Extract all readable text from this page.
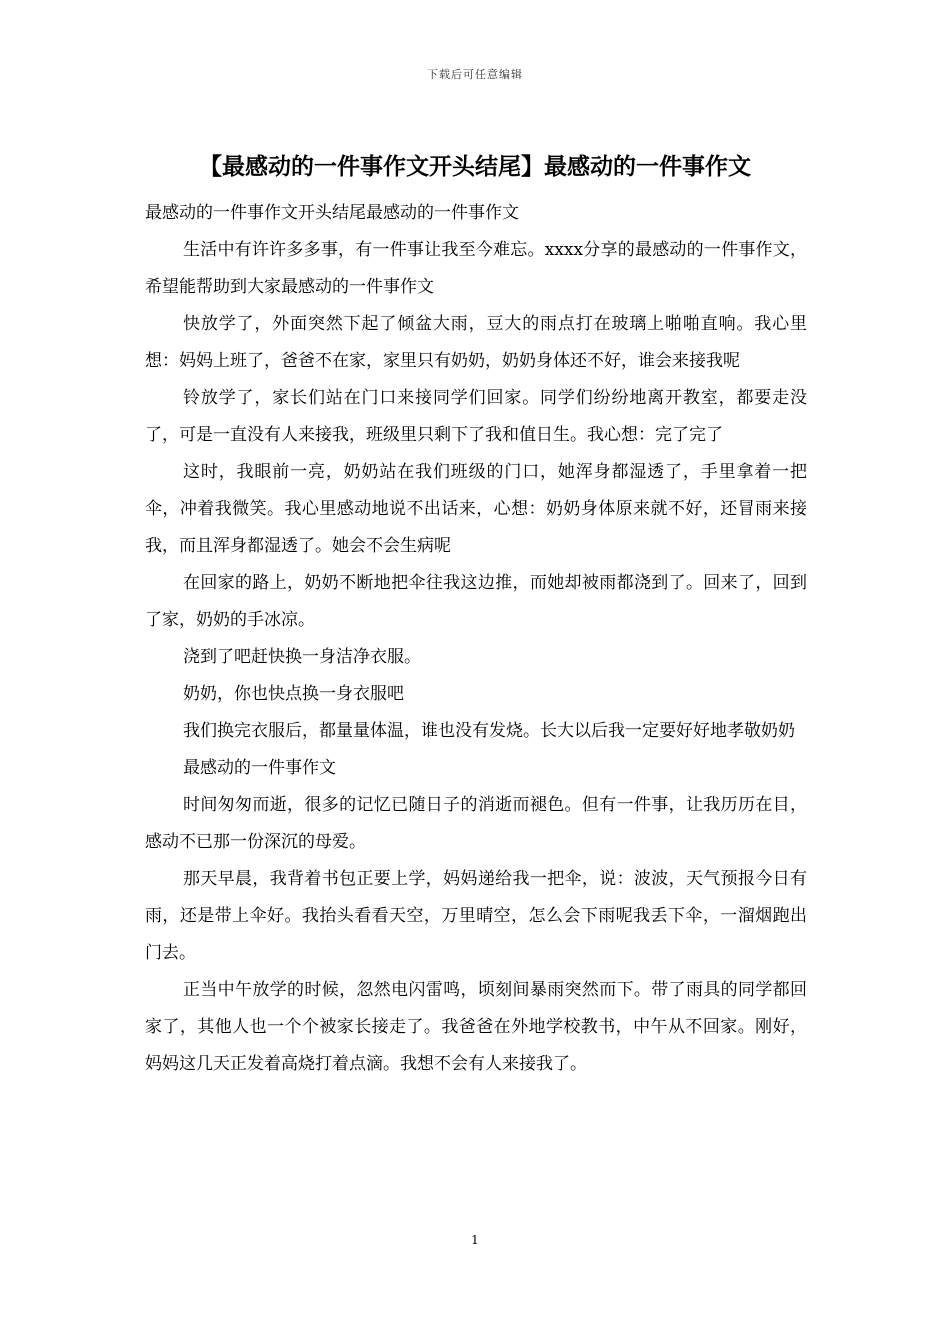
下载后可任意编辑
【最感动的一件事作文开头结尾】最感动的一件事作文

最感动的一件事作文开头结尾最感动的一件事作文

生活中有许许多多事，有一件事让我至今难忘。xxxx分享的最感动的一件事作文，希望能帮助到大家最感动的一件事作文

快放学了，外面突然下起了倾盆大雨，豆大的雨点打在玻璃上啪啪直响。我心里想：妈妈上班了，爸爸不在家，家里只有奶奶，奶奶身体还不好，谁会来接我呢

铃放学了，家长们站在门口来接同学们回家。同学们纷纷地离开教室，都要走没了，可是一直没有人来接我，班级里只剩下了我和值日生。我心想：完了完了

这时，我眼前一亮，奶奶站在我们班级的门口，她浑身都湿透了，手里拿着一把伞，冲着我微笑。我心里感动地说不出话来，心想：奶奶身体原来就不好，还冒雨来接我，而且浑身都湿透了。她会不会生病呢

在回家的路上，奶奶不断地把伞往我这边推，而她却被雨都浇到了。回来了，回到了家，奶奶的手冰凉。

浇到了吧赶快换一身洁净衣服。

奶奶，你也快点换一身衣服吧

我们换完衣服后，都量量体温，谁也没有发烧。长大以后我一定要好好地孝敬奶奶

最感动的一件事作文

时间匆匆而逝，很多的记忆已随日子的消逝而褪色。但有一件事，让我历历在目，感动不已那一份深沉的母爱。

那天早晨，我背着书包正要上学，妈妈递给我一把伞，说：波波，天气预报今日有雨，还是带上伞好。我抬头看看天空，万里晴空，怎么会下雨呢我丢下伞，一溜烟跑出门去。

正当中午放学的时候，忽然电闪雷鸣，顷刻间暴雨突然而下。带了雨具的同学都回家了，其他人也一个个被家长接走了。我爸爸在外地学校教书，中午从不回家。刚好，妈妈这几天正发着高烧打着点滴。我想不会有人来接我了。

1
